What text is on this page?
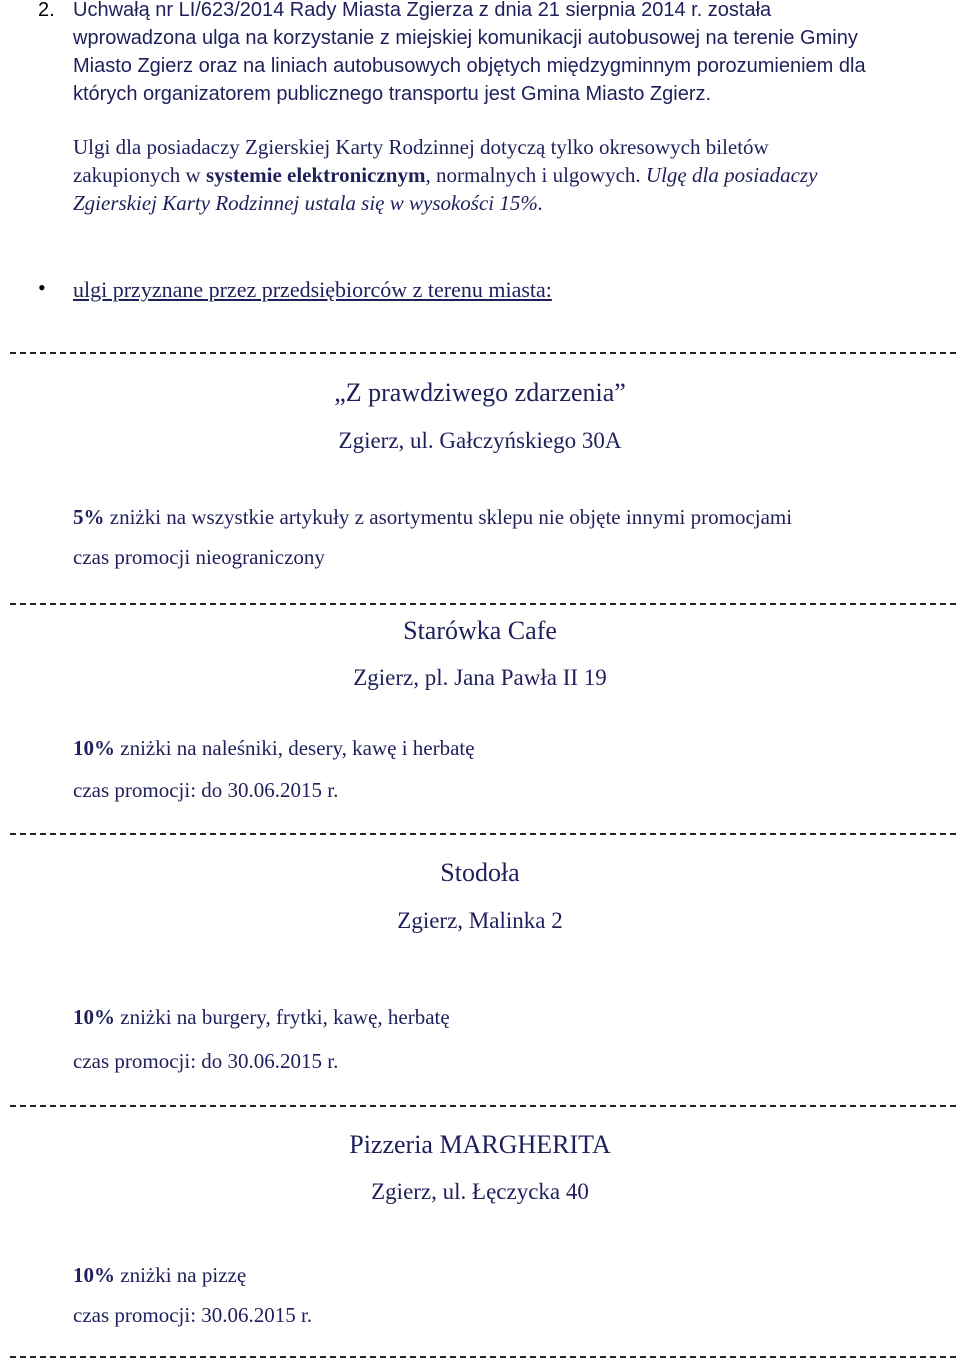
2. Uchwałą nr LI/623/2014 Rady Miasta Zgierza z dnia 21 sierpnia 2014 r. została
wprowadzona ulga na korzystanie z miejskiej komunikacji autobusowej na terenie Gminy
Miasto Zgierz oraz na liniach autobusowych objętych międzygminnym porozumieniem dla
których organizatorem publicznego transportu jest Gmina Miasto Zgierz.
Ulgi dla posiadaczy Zgierskiej Karty Rodzinnej dotyczą tylko okresowych biletów
zakupionych w systemie elektronicznym, normalnych i ulgowych. Ulgę dla posiadaczy
Zgierskiej Karty Rodzinnej ustala się w wysokości 15%.
• ulgi przyznane przez przedsiębiorców z terenu miasta:
„Z prawdziwego zdarzenia”
Zgierz, ul. Gałczyńskiego 30A
5% zniżki na wszystkie artykuły z asortymentu sklepu nie objęte innymi promocjami
czas promocji nieograniczony
Starówka Cafe
Zgierz, pl. Jana Pawła II 19
10% zniżki na naleśniki, desery, kawę i herbatę
czas promocji: do 30.06.2015 r.
Stodoła
Zgierz, Malinka 2
10% zniżki na burgery, frytki, kawę, herbatę
czas promocji: do 30.06.2015 r.
Pizzeria MARGHERITA
Zgierz, ul. Łęczycka 40
10% zniżki na pizzę
czas promocji: 30.06.2015 r.
